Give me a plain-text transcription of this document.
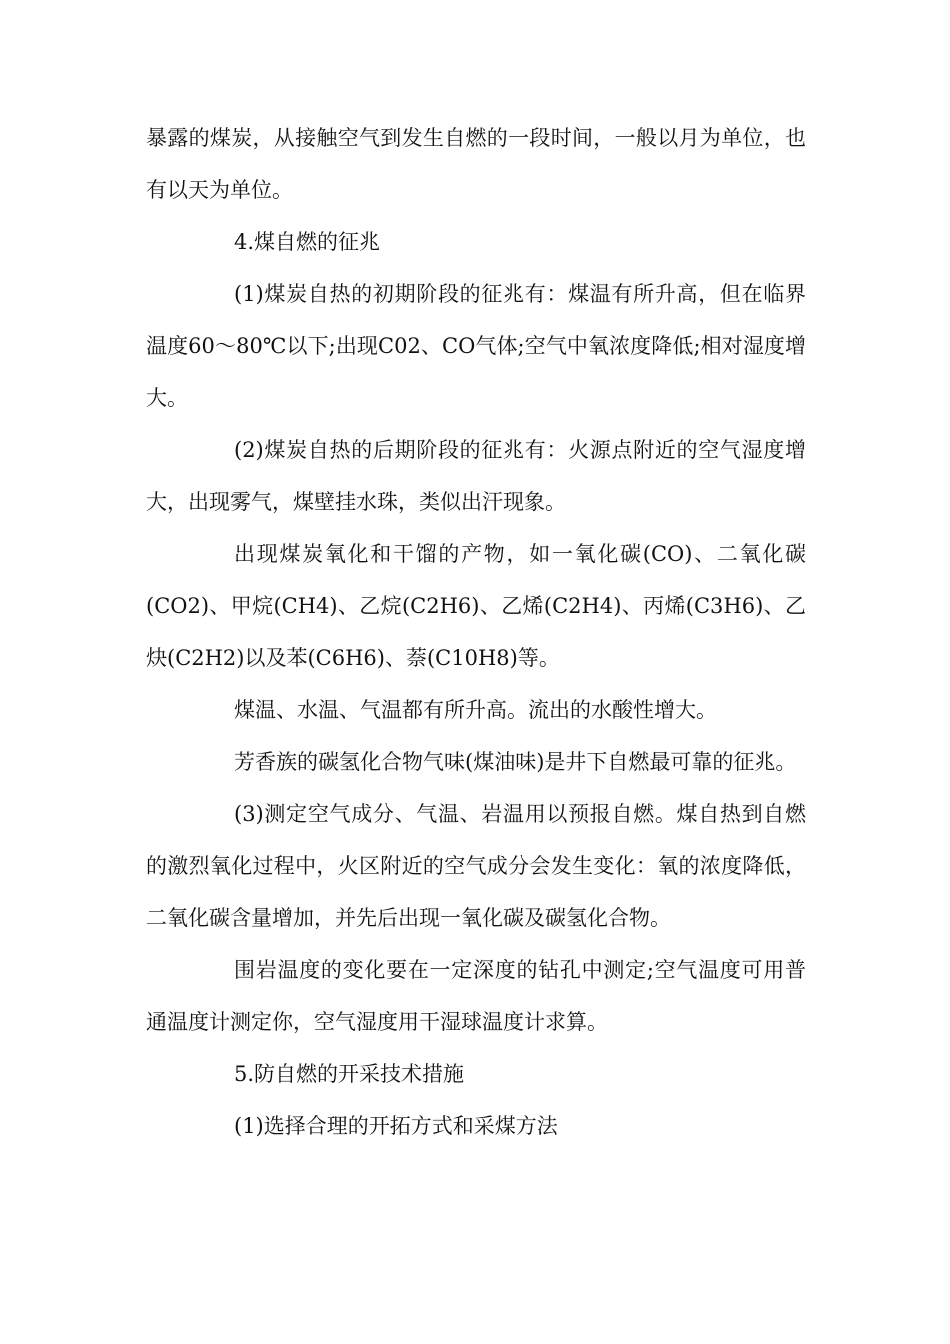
暴露的煤炭，从接触空气到发生自燃的一段时间，一般以月为单位，也有以天为单位。

4.煤自燃的征兆

(1)煤炭自热的初期阶段的征兆有：煤温有所升高，但在临界温度60～80℃以下;出现C02、CO气体;空气中氧浓度降低;相对湿度增大。

(2)煤炭自热的后期阶段的征兆有：火源点附近的空气湿度增大，出现雾气，煤壁挂水珠，类似出汗现象。

出现煤炭氧化和干馏的产物，如一氧化碳(CO)、二氧化碳(CO2)、甲烷(CH4)、乙烷(C2H6)、乙烯(C2H4)、丙烯(C3H6)、乙炔(C2H2)以及苯(C6H6)、萘(C10H8)等。

煤温、水温、气温都有所升高。流出的水酸性增大。

芳香族的碳氢化合物气味(煤油味)是井下自燃最可靠的征兆。

(3)测定空气成分、气温、岩温用以预报自燃。煤自热到自燃的激烈氧化过程中，火区附近的空气成分会发生变化：氧的浓度降低，二氧化碳含量增加，并先后出现一氧化碳及碳氢化合物。

围岩温度的变化要在一定深度的钻孔中测定;空气温度可用普通温度计测定你，空气湿度用干湿球温度计求算。

5.防自燃的开采技术措施

(1)选择合理的开拓方式和采煤方法
